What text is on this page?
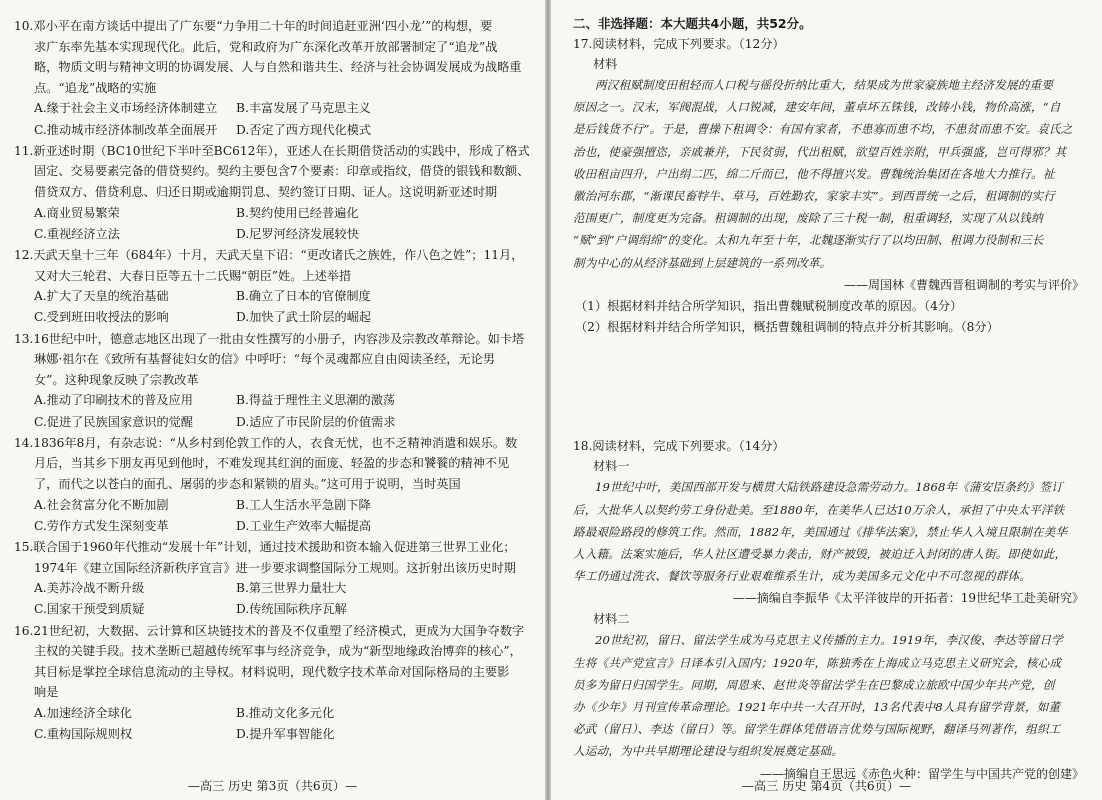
10.邓小平在南方谈话中提出了广东要“力争用二十年的时间追赶亚洲‘四小龙’”的构想，要
求广东率先基本实现现代化。此后，党和政府为广东深化改革开放部署制定了“追龙”战
略，物质文明与精神文明的协调发展、人与自然和谐共生、经济与社会协调发展成为战略重
点。“追龙”战略的实施
A.缘于社会主义市场经济体制建立	B.丰富发展了马克思主义
C.推动城市经济体制改革全面展开	D.否定了西方现代化模式
11.新亚述时期（BC10世纪下半叶至BC612年），亚述人在长期借贷活动的实践中，形成了格式
固定、交易要素完备的借贷契约。契约主要包含7个要素：印章或指纹，借贷的银钱和数额、
借贷双方、借贷利息、归还日期或逾期罚息、契约签订日期、证人。这说明新亚述时期
A.商业贸易繁荣	B.契约使用已经普遍化
C.重视经济立法	D.尼罗河经济发展较快
12.天武天皇十三年（684年）十月，天武天皇下诏：“更改诸氏之族姓，作八色之姓”；11月，
又对大三轮君、大春日臣等五十二氏赐“朝臣”姓。上述举措
A.扩大了天皇的统治基础	B.确立了日本的官僚制度
C.受到班田收授法的影响	D.加快了武士阶层的崛起
13.16世纪中叶，德意志地区出现了一批由女性撰写的小册子，内容涉及宗教改革辩论。如卡塔
琳娜·祖尔在《致所有基督徒妇女的信》中呼吁：“每个灵魂都应自由阅读圣经，无论男
女”。这种现象反映了宗教改革
A.推动了印刷技术的普及应用	B.得益于理性主义思潮的激荡
C.促进了民族国家意识的觉醒	D.适应了市民阶层的价值需求
14.1836年8月，有杂志说：“从乡村到伦敦工作的人，衣食无忧，也不乏精神消遣和娱乐。数
月后，当其乡下朋友再见到他时，不难发现其红润的面庞、轻盈的步态和饕餮的精神不见
了，而代之以苍白的面孔、屠弱的步态和紧锁的眉头。”这可用于说明，当时英国
A.社会贫富分化不断加剧	B.工人生活水平急剧下降
C.劳作方式发生深刻变革	D.工业生产效率大幅提高
15.联合国于1960年代推动“发展十年”计划，通过技术援助和资本输入促进第三世界工业化；
1974年《建立国际经济新秩序宣言》进一步要求调整国际分工规则。这折射出该历史时期
A.美苏冷战不断升级	B.第三世界力量壮大
C.国家干预受到质疑	D.传统国际秩序瓦解
16.21世纪初，大数据、云计算和区块链技术的普及不仅重塑了经济模式，更成为大国争夺数字
主权的关键手段。技术垄断已超越传统军事与经济竞争，成为“新型地缘政治博弈的核心”，
其目标是掌控全球信息流动的主导权。材料说明，现代数字技术革命对国际格局的主要影
响是
A.加速经济全球化	B.推动文化多元化
C.重构国际规则权	D.提升军事智能化
—高三 历史 第3页（共6页）—
二、非选择题：本大题共4小题，共52分。
17.阅读材料，完成下列要求。（12分）
材料
两汉租赋制度田租轻而人口税与徭役折纳比重大，结果成为世家豪族地主经济发展的重要
原因之一。汉末，军阀混战，人口锐减，建安年间，董卓坏五铢钱，改铸小钱，物价高涨，“自
是后钱货不行”。于是，曹操下租调令：有国有家者，不患寡而患不均，不患贫而患不安。袁氏之
治也，使豪强擅恣，亲戚兼并，下民贫弱，代出租赋，欲望百姓亲附，甲兵强盛，岂可得邪？其
收田租亩四升，户出绢二匹，绵二斤而已，他不得擅兴发。曹魏统治集团在各地大力推行。祉
徽治河东郡，“渐课民畜牸牛、草马，百姓勤农，家家丰实”。到西晋统一之后，租调制的实行
范围更广，制度更为完备。租调制的出现，废除了三十税一制，租重调轻，实现了从以钱纳
“赋”到“户调绢绵”的变化。太和九年至十年，北魏逐渐实行了以均田制、租调力役制和三长
制为中心的从经济基础到上层建筑的一系列改革。
——周国林《曹魏西晋租调制的考实与评价》
（1）根据材料并结合所学知识，指出曹魏赋税制度改革的原因。（4分）
（2）根据材料并结合所学知识，概括曹魏租调制的特点并分析其影响。（8分）
18.阅读材料，完成下列要求。（14分）
材料一
19世纪中叶，美国西部开发与横贯大陆铁路建设急需劳动力。1868年《蒲安臣条约》签订
后，大批华人以契约劳工身份赴美。至1880年，在美华人已达10万余人，承担了中央太平洋铁
路最艰险路段的修筑工作。然而，1882年，美国通过《排华法案》，禁止华人入境且限制在美华
人入籍。法案实施后，华人社区遭受暴力袭击，财产被毁，被迫迁入封闭的唐人街。即使如此，
华工仍通过洗衣、餐饮等服务行业艰难维系生计，成为美国多元文化中不可忽视的群体。
——摘编自李振华《太平洋彼岸的开拓者：19世纪华工赴美研究》
材料二
20世纪初，留日、留法学生成为马克思主义传播的主力。1919年，李汉俊、李达等留日学
生将《共产党宣言》日译本引入国内；1920年，陈独秀在上海成立马克思主义研究会，核心成
员多为留日归国学生。同期，周恩来、赵世炎等留法学生在巴黎成立旅欧中国少年共产党，创
办《少年》月刊宣传革命理论。1921年中共一大召开时，13名代表中8人具有留学背景，如董
必武（留日）、李达（留日）等。留学生群体凭借语言优势与国际视野，翻译马列著作，组织工
人运动，为中共早期理论建设与组织发展奠定基础。
——摘编自王思远《赤色火种：留学生与中国共产党的创建》
—高三 历史 第4页（共6页）—
